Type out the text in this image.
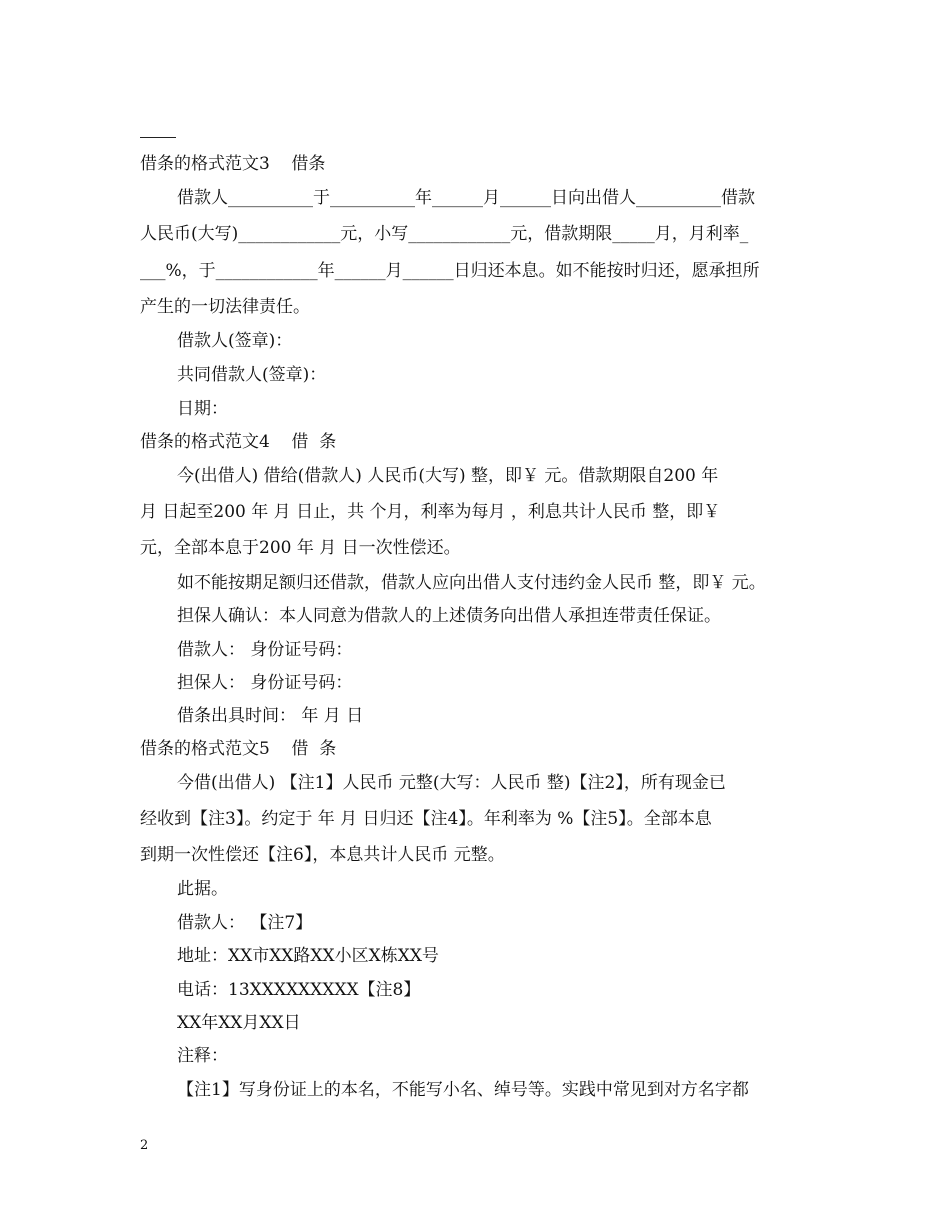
借条的格式范文3    借条
借款人__________于__________年______月______日向出借人__________借款
人民币(大写)____________元，小写____________元，借款期限_____月，月利率_
___%，于____________年______月______日归还本息。如不能按时归还，愿承担所
产生的一切法律责任。
借款人(签章)：
共同借款人(签章)：
日期：
借条的格式范文4    借  条
今(出借人) 借给(借款人) 人民币(大写) 整，即￥ 元。借款期限自200 年
月 日起至200 年 月 日止，共 个月，利率为每月 ，利息共计人民币 整，即￥
元，全部本息于200 年 月 日一次性偿还。
如不能按期足额归还借款，借款人应向出借人支付违约金人民币 整，即￥ 元。
担保人确认：本人同意为借款人的上述债务向出借人承担连带责任保证。
借款人： 身份证号码：
担保人： 身份证号码：
借条出具时间： 年 月 日
借条的格式范文5    借  条
今借(出借人) 【注1】人民币 元整(大写：人民币 整)【注2】，所有现金已
经收到【注3】。约定于 年 月 日归还【注4】。年利率为 %【注5】。全部本息
到期一次性偿还【注6】，本息共计人民币 元整。
此据。
借款人： 【注7】
地址：XX市XX路XX小区X栋XX号
电话：13XXXXXXXXX【注8】
XX年XX月XX日
注释：
【注1】写身份证上的本名，不能写小名、绰号等。实践中常见到对方名字都
2
